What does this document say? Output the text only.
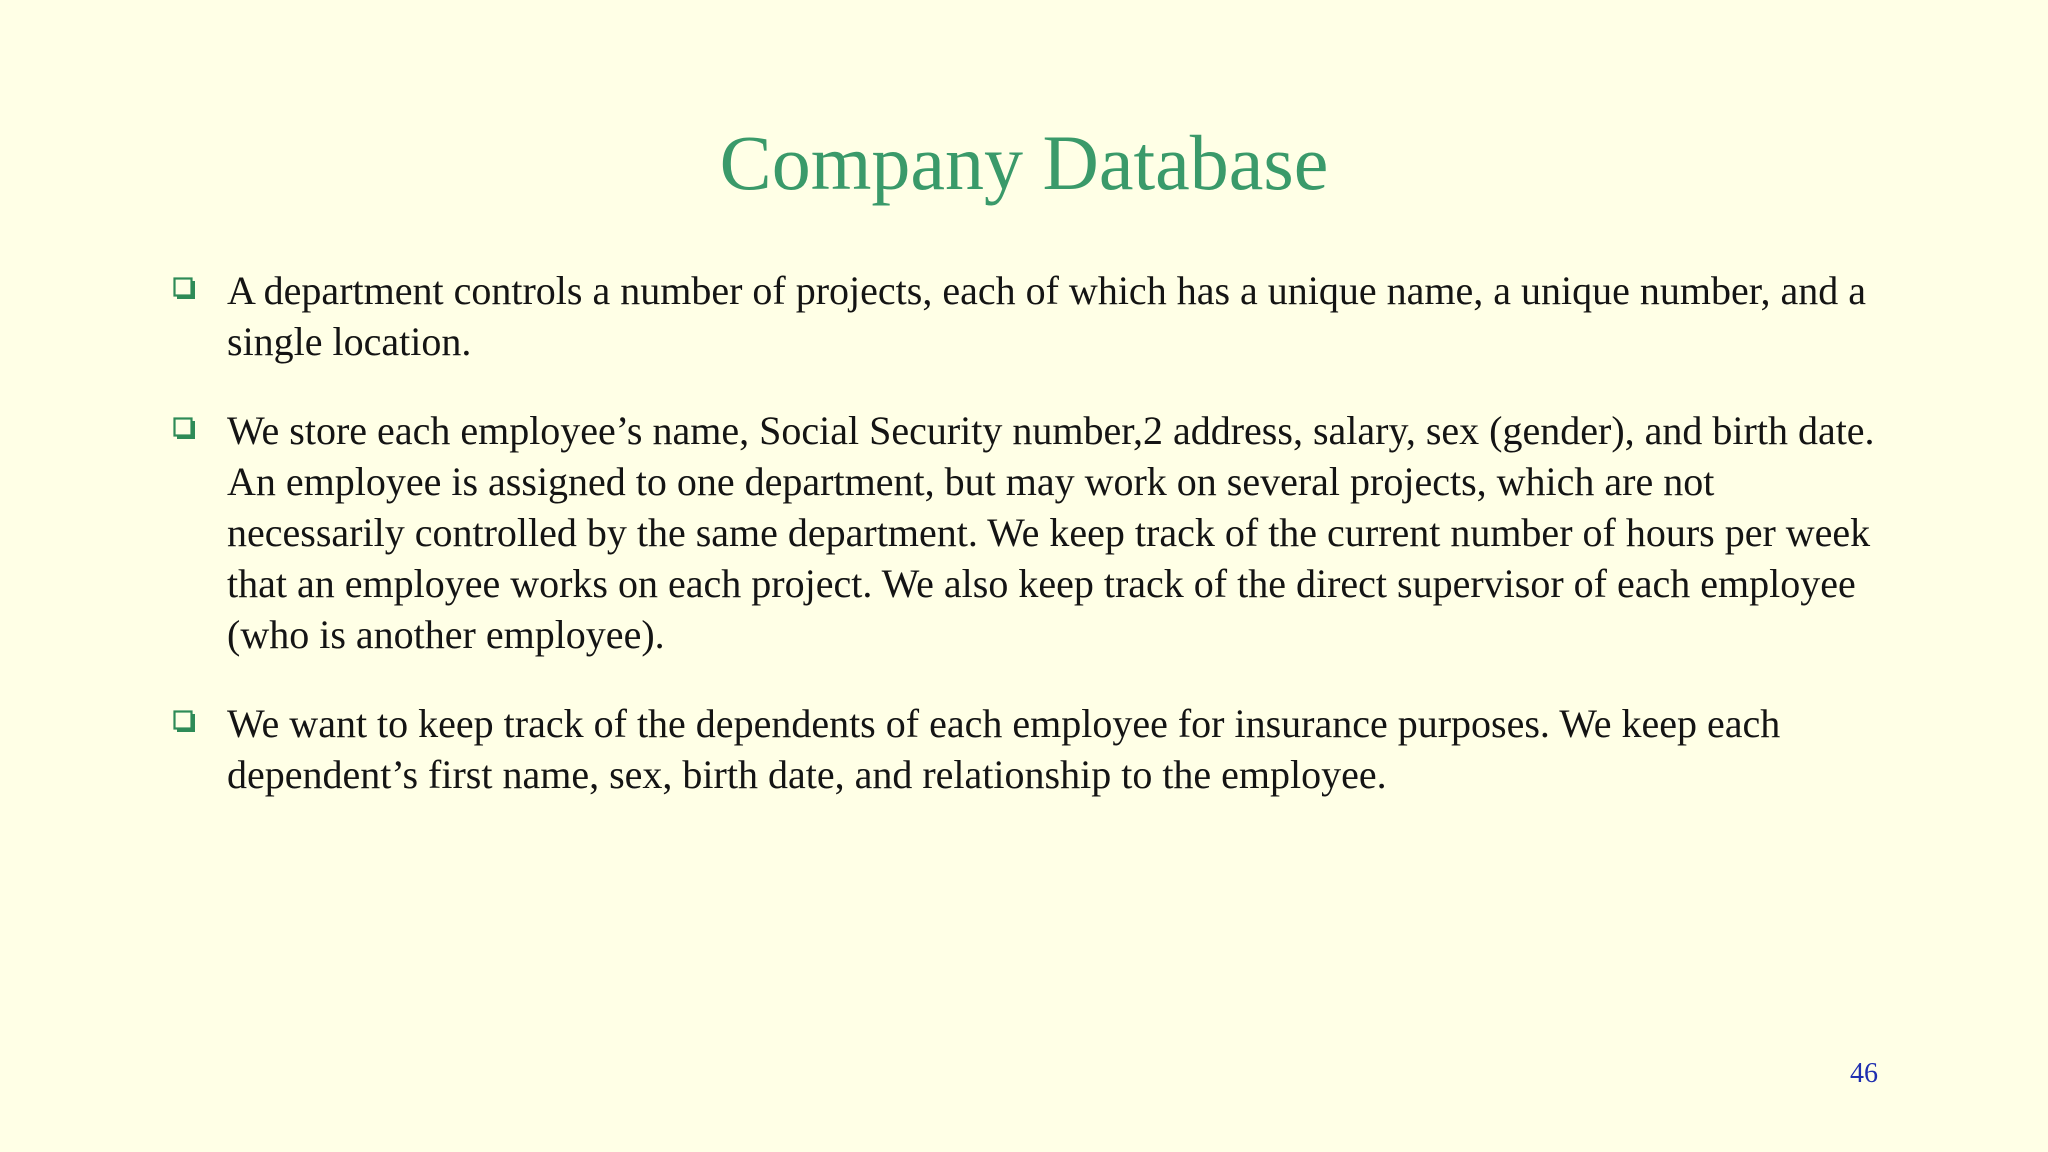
Company Database
A department controls a number of projects, each of which has a unique name, a unique number, and a single location.
We store each employee’s name, Social Security number,2 address, salary, sex (gender), and birth date. An employee is assigned to one department, but may work on several projects, which are not necessarily controlled by the same department. We keep track of the current number of hours per week that an employee works on each project. We also keep track of the direct supervisor of each employee (who is another employee).
We want to keep track of the dependents of each employee for insurance purposes. We keep each dependent’s first name, sex, birth date, and relationship to the employee.
46
